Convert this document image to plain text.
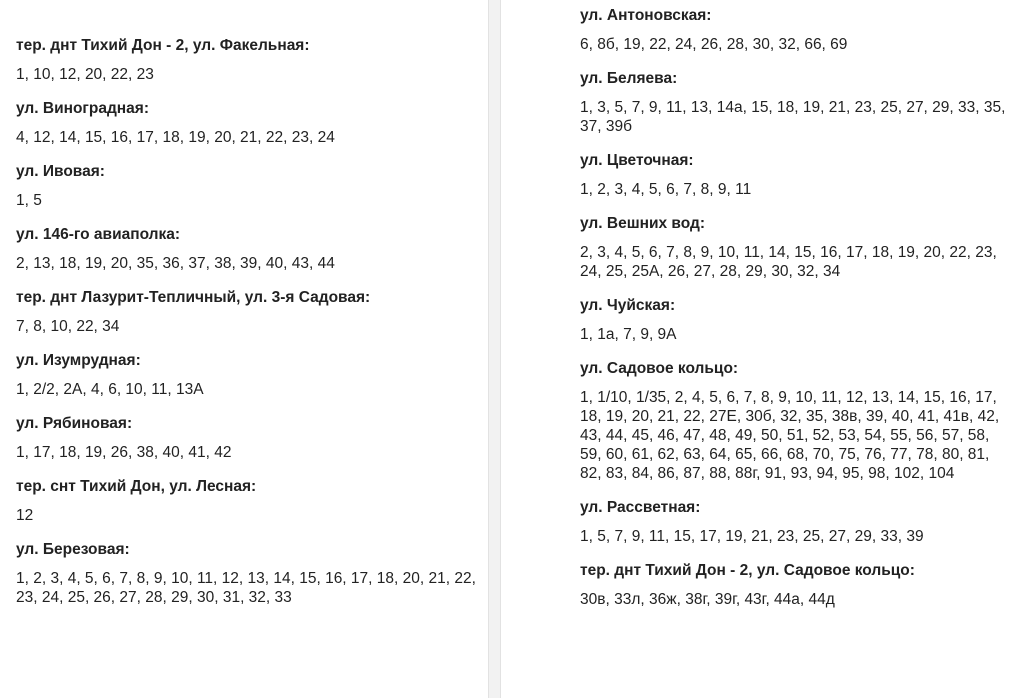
тер. днт Тихий Дон - 2, ул. Факельная:

1, 10, 12, 20, 22, 23

ул. Виноградная:

4, 12, 14, 15, 16, 17, 18, 19, 20, 21, 22, 23, 24

ул. Ивовая:

1, 5

ул. 146-го авиаполка:

2, 13, 18, 19, 20, 35, 36, 37, 38, 39, 40, 43, 44

тер. днт Лазурит-Тепличный, ул. 3-я Садовая:

7, 8, 10, 22, 34

ул. Изумрудная:

1, 2/2, 2А, 4, 6, 10, 11, 13А

ул. Рябиновая:

1, 17, 18, 19, 26, 38, 40, 41, 42

тер. снт Тихий Дон, ул. Лесная:

12

ул. Березовая:

1, 2, 3, 4, 5, 6, 7, 8, 9, 10, 11, 12, 13, 14, 15, 16, 17, 18, 20, 21, 22, 23, 24, 25, 26, 27, 28, 29, 30, 31, 32, 33

ул. Антоновская:

6, 8б, 19, 22, 24, 26, 28, 30, 32, 66, 69

ул. Беляева:

1, 3, 5, 7, 9, 11, 13, 14а, 15, 18, 19, 21, 23, 25, 27, 29, 33, 35, 37, 39б

ул. Цветочная:

1, 2, 3, 4, 5, 6, 7, 8, 9, 11

ул. Вешних вод:

2, 3, 4, 5, 6, 7, 8, 9, 10, 11, 14, 15, 16, 17, 18, 19, 20, 22, 23, 24, 25, 25А, 26, 27, 28, 29, 30, 32, 34

ул. Чуйская:

1, 1а, 7, 9, 9А

ул. Садовое кольцо:

1, 1/10, 1/35, 2, 4, 5, 6, 7, 8, 9, 10, 11, 12, 13, 14, 15, 16, 17, 18, 19, 20, 21, 22, 27Е, 30б, 32, 35, 38в, 39, 40, 41, 41в, 42, 43, 44, 45, 46, 47, 48, 49, 50, 51, 52, 53, 54, 55, 56, 57, 58, 59, 60, 61, 62, 63, 64, 65, 66, 68, 70, 75, 76, 77, 78, 80, 81, 82, 83, 84, 86, 87, 88, 88г, 91, 93, 94, 95, 98, 102, 104

ул. Рассветная:

1, 5, 7, 9, 11, 15, 17, 19, 21, 23, 25, 27, 29, 33, 39

тер. днт Тихий Дон - 2, ул. Садовое кольцо:

30в, 33л, 36ж, 38г, 39г, 43г, 44а, 44д
